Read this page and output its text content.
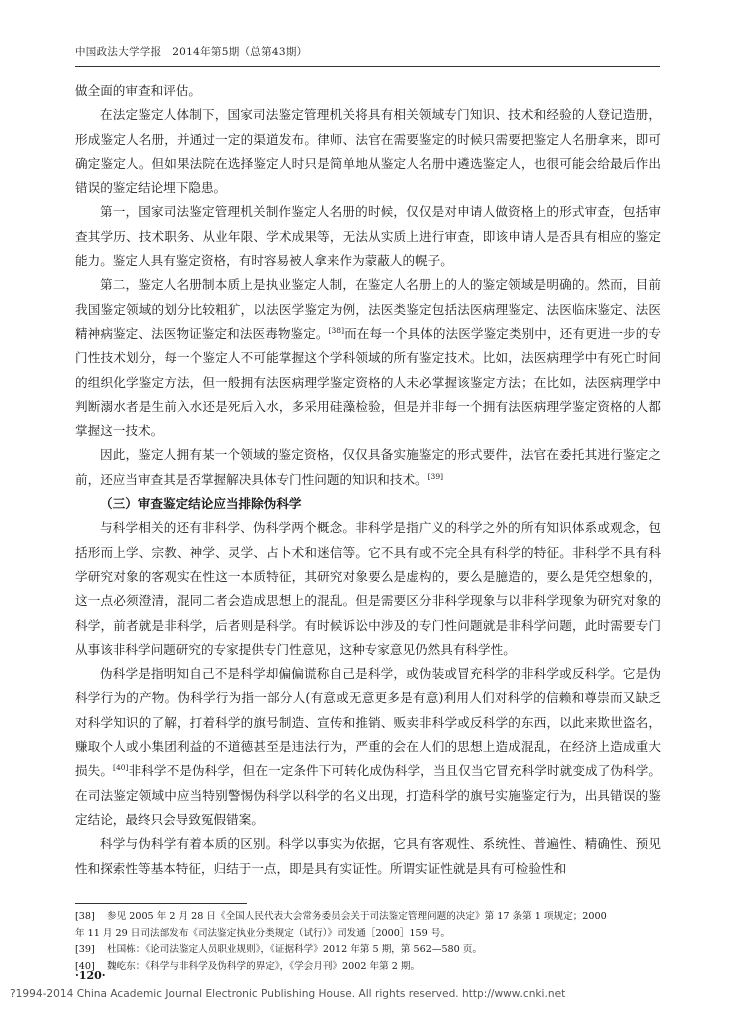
中国政法大学学报　2014年第5期（总第43期）

做全面的审查和评估。

在法定鉴定人体制下，国家司法鉴定管理机关将具有相关领域专门知识、技术和经验的人登记造册，形成鉴定人名册，并通过一定的渠道发布。律师、法官在需要鉴定的时候只需要把鉴定人名册拿来，即可确定鉴定人。但如果法院在选择鉴定人时只是简单地从鉴定人名册中遴选鉴定人，也很可能会给最后作出错误的鉴定结论埋下隐患。

第一，国家司法鉴定管理机关制作鉴定人名册的时候，仅仅是对申请人做资格上的形式审查，包括审查其学历、技术职务、从业年限、学术成果等，无法从实质上进行审查，即该申请人是否具有相应的鉴定能力。鉴定人具有鉴定资格，有时容易被人拿来作为蒙蔽人的幌子。

第二，鉴定人名册制本质上是执业鉴定人制，在鉴定人名册上的人的鉴定领域是明确的。然而，目前我国鉴定领域的划分比较粗犷，以法医学鉴定为例，法医类鉴定包括法医病理鉴定、法医临床鉴定、法医精神病鉴定、法医物证鉴定和法医毒物鉴定。[38]而在每一个具体的法医学鉴定类别中，还有更进一步的专门性技术划分，每一个鉴定人不可能掌握这个学科领域的所有鉴定技术。比如，法医病理学中有死亡时间的组织化学鉴定方法，但一般拥有法医病理学鉴定资格的人未必掌握该鉴定方法；在比如，法医病理学中判断溺水者是生前入水还是死后入水，多采用硅藻检验，但是并非每一个拥有法医病理学鉴定资格的人都掌握这一技术。

因此，鉴定人拥有某一个领域的鉴定资格，仅仅具备实施鉴定的形式要件，法官在委托其进行鉴定之前，还应当审查其是否掌握解决具体专门性问题的知识和技术。[39]

（三）审查鉴定结论应当排除伪科学

与科学相关的还有非科学、伪科学两个概念。非科学是指广义的科学之外的所有知识体系或观念，包括形而上学、宗教、神学、灵学、占卜术和迷信等。它不具有或不完全具有科学的特征。非科学不具有科学研究对象的客观实在性这一本质特征，其研究对象要么是虚构的，要么是臆造的，要么是凭空想象的，这一点必须澄清，混同二者会造成思想上的混乱。但是需要区分非科学现象与以非科学现象为研究对象的科学，前者就是非科学，后者则是科学。有时候诉讼中涉及的专门性问题就是非科学问题，此时需要专门从事该非科学问题研究的专家提供专门性意见，这种专家意见仍然具有科学性。

伪科学是指明知自己不是科学却偏偏谎称自己是科学，或伪装或冒充科学的非科学或反科学。它是伪科学行为的产物。伪科学行为指一部分人(有意或无意更多是有意)利用人们对科学的信赖和尊崇而又缺乏对科学知识的了解，打着科学的旗号制造、宣传和推销、贩卖非科学或反科学的东西，以此来欺世盗名，赚取个人或小集团利益的不道德甚至是违法行为，严重的会在人们的思想上造成混乱，在经济上造成重大损失。[40]非科学不是伪科学，但在一定条件下可转化成伪科学，当且仅当它冒充科学时就变成了伪科学。在司法鉴定领域中应当特别警惕伪科学以科学的名义出现，打造科学的旗号实施鉴定行为，出具错误的鉴定结论，最终只会导致冤假错案。

科学与伪科学有着本质的区别。科学以事实为依据，它具有客观性、系统性、普遍性、精确性、预见性和探索性等基本特征，归结于一点，即是具有实证性。所谓实证性就是具有可检验性和

[38] 参见 2005 年 2 月 28 日《全国人民代表大会常务委员会关于司法鉴定管理问题的决定》第 17 条第 1 项规定；2000

年 11 月 29 日司法部发布《司法鉴定执业分类规定（试行）》司发通［2000］159 号。

[39] 杜国栋：《论司法鉴定人员职业规则》，《证据科学》2012 年第 5 期，第 562—580 页。

[40] 魏屹东：《科学与非科学及伪科学的界定》，《学会月刊》2002 年第 2 期。

·120·
?1994-2014 China Academic Journal Electronic Publishing House. All rights reserved. http://www.cnki.net
